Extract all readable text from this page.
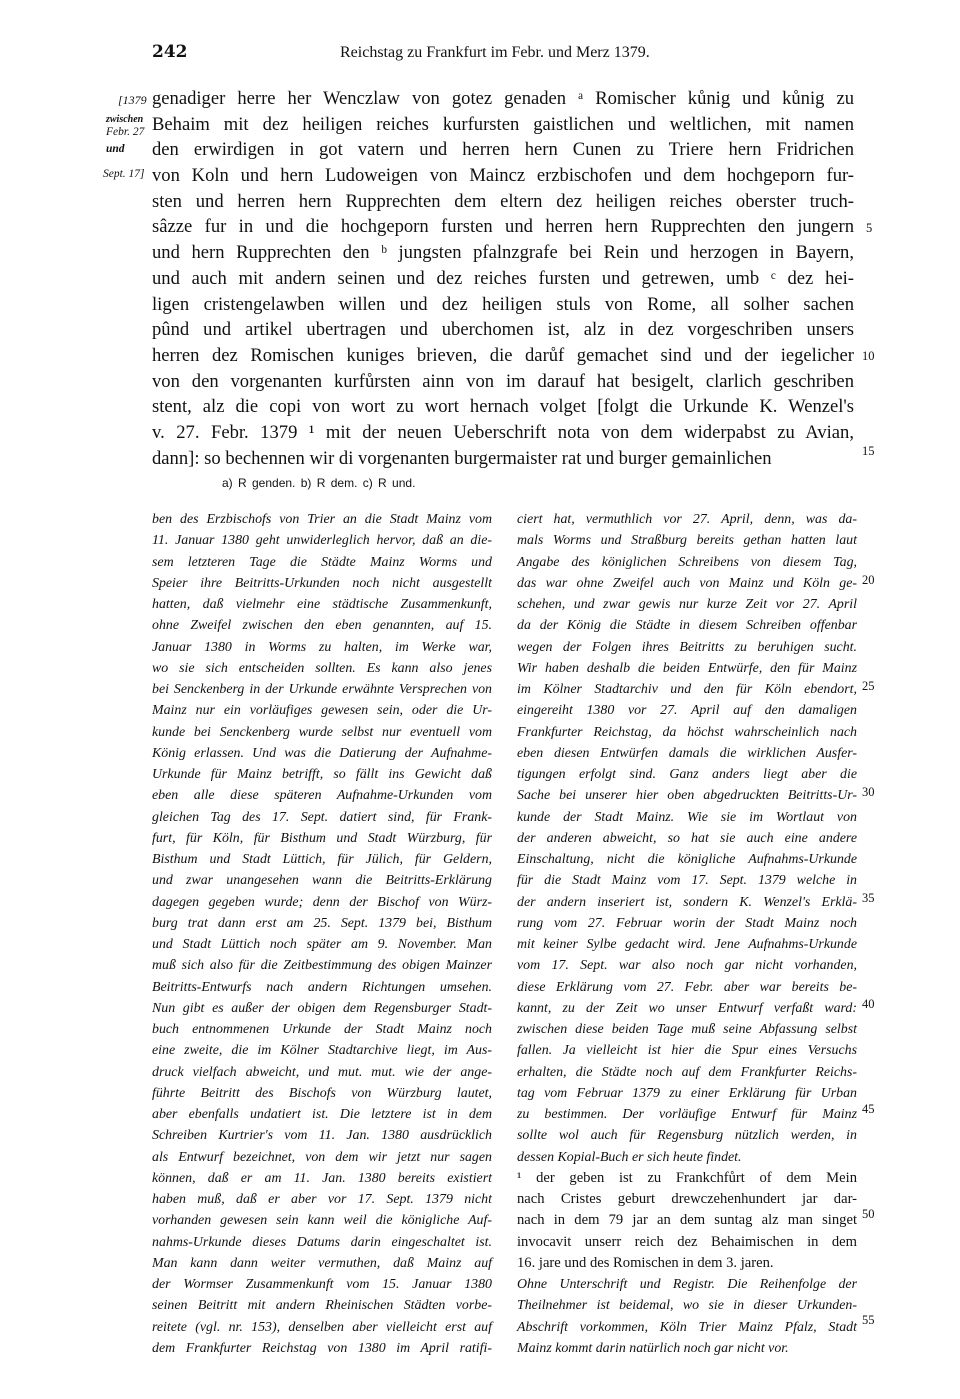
242	Reichstag zu Frankfurt im Febr. und Merz 1379.
[1379
zwischen
Febr. 27
und
Sept. 17]
genadiger herre her Wenczlaw von gotez genaden ᵃ Romischer kůnig und kůnig zu
Behaim mit dez heiligen reiches kurfursten gaistlichen und weltlichen, mit namen
den erwirdigen in got vatern und herren hern Cunen zu Triere hern Fridrichen
von Koln und hern Ludoweigen von Maincz erzbischofen und dem hochgeporn fur-
sten und herren hern Rupprechten dem eltern dez heiligen reiches oberster truch-
sâzze fur in und die hochgeporn fursten und herren hern Rupprechten den jungern
und hern Rupprechten den ᵇ jungsten pfalnzgrafe bei Rein und herzogen in Bayern,
und auch mit andern seinen und dez reiches fursten und getrewen, umb ᶜ dez hei-
ligen cristengelawben willen und dez heiligen stuls von Rome, all solher sachen
pûnd und artikel ubertragen und uberchomen ist, alz in dez vorgeschriben unsers
herren dez Romischen kuniges brieven, die darůf gemachet sind und der iegelicher
von den vorgenanten kurfůrsten ainn von im darauf hat besigelt, clarlich geschriben
stent, alz die copi von wort zu wort hernach volget [folgt die Urkunde K. Wenzel's
v. 27. Febr. 1379 ¹ mit der neuen Ueberschrift nota von dem widerpabst zu Avian,
dann]: so bechennen wir di vorgenanten burgermaister rat und burger gemainlichen
5
10
15
a) R genden. b) R dem. c) R und.
ben des Erzbischofs von Trier an die Stadt Mainz vom
11. Januar 1380 geht unwiderleglich hervor, daß an die-
sem letzteren Tage die Städte Mainz Worms und
Speier ihre Beitritts-Urkunden noch nicht ausgestellt
hatten, daß vielmehr eine städtische Zusammenkunft,
ohne Zweifel zwischen den eben genannten, auf 15.
Januar 1380 in Worms zu halten, im Werke war,
wo sie sich entscheiden sollten. Es kann also jenes
bei Senckenberg in der Urkunde erwähnte Versprechen von
Mainz nur ein vorläufiges gewesen sein, oder die Ur-
kunde bei Senckenberg wurde selbst nur eventuell vom
König erlassen. Und was die Datierung der Aufnahme-
Urkunde für Mainz betrifft, so fällt ins Gewicht daß
eben alle diese späteren Aufnahme-Urkunden vom
gleichen Tag des 17. Sept. datiert sind, für Frank-
furt, für Köln, für Bisthum und Stadt Würzburg, für
Bisthum und Stadt Lüttich, für Jülich, für Geldern,
und zwar unangesehen wann die Beitritts-Erklärung
dagegen gegeben wurde; denn der Bischof von Würz-
burg trat dann erst am 25. Sept. 1379 bei, Bisthum
und Stadt Lüttich noch später am 9. November. Man
muß sich also für die Zeitbestimmung des obigen Mainzer
Beitritts-Entwurfs nach andern Richtungen umsehen.
Nun gibt es außer der obigen dem Regensburger Stadt-
buch entnommenen Urkunde der Stadt Mainz noch
eine zweite, die im Kölner Stadtarchive liegt, im Aus-
druck vielfach abweicht, und mut. mut. wie der ange-
führte Beitritt des Bischofs von Würzburg lautet,
aber ebenfalls undatiert ist. Die letztere ist in dem
Schreiben Kurtrier's vom 11. Jan. 1380 ausdrücklich
als Entwurf bezeichnet, von dem wir jetzt nur sagen
können, daß er am 11. Jan. 1380 bereits existiert
haben muß, daß er aber vor 17. Sept. 1379 nicht
vorhanden gewesen sein kann weil die königliche Auf-
nahms-Urkunde dieses Datums darin eingeschaltet ist.
Man kann dann weiter vermuthen, daß Mainz auf
der Wormser Zusammenkunft vom 15. Januar 1380
seinen Beitritt mit andern Rheinischen Städten vorbe-
reitete (vgl. nr. 153), denselben aber vielleicht erst auf
dem Frankfurter Reichstag von 1380 im April ratifi-
ciert hat, vermuthlich vor 27. April, denn, was da-
mals Worms und Straßburg bereits gethan hatten laut
Angabe des königlichen Schreibens von diesem Tag,
das war ohne Zweifel auch von Mainz und Köln ge-
schehen, und zwar gewis nur kurze Zeit vor 27. April
da der König die Städte in diesem Schreiben offenbar
wegen der Folgen ihres Beitritts zu beruhigen sucht.
Wir haben deshalb die beiden Entwürfe, den für Mainz
im Kölner Stadtarchiv und den für Köln ebendort,
eingereiht 1380 vor 27. April auf den damaligen
Frankfurter Reichstag, da höchst wahrscheinlich nach
eben diesen Entwürfen damals die wirklichen Ausfer-
tigungen erfolgt sind. Ganz anders liegt aber die
Sache bei unserer hier oben abgedruckten Beitritts-Ur-
kunde der Stadt Mainz. Wie sie im Wortlaut von
der anderen abweicht, so hat sie auch eine andere
Einschaltung, nicht die königliche Aufnahms-Urkunde
für die Stadt Mainz vom 17. Sept. 1379 welche in
der andern inseriert ist, sondern K. Wenzel's Erklä-
rung vom 27. Februar worin der Stadt Mainz noch
mit keiner Sylbe gedacht wird. Jene Aufnahms-Urkunde
vom 17. Sept. war also noch gar nicht vorhanden,
diese Erklärung vom 27. Febr. aber war bereits be-
kannt, zu der Zeit wo unser Entwurf verfaßt ward:
zwischen diese beiden Tage muß seine Abfassung selbst
fallen. Ja vielleicht ist hier die Spur eines Versuchs
erhalten, die Städte noch auf dem Frankfurter Reichs-
tag vom Februar 1379 zu einer Erklärung für Urban
zu bestimmen. Der vorläufige Entwurf für Mainz
sollte wol auch für Regensburg nützlich werden, in
dessen Kopial-Buch er sich heute findet.
¹ der geben ist zu Frankchfůrt of dem Mein
nach Cristes geburt drewczehenhundert jar dar-
nach in dem 79 jar an dem suntag alz man singet
invocavit unserr reich dez Behaimischen in dem
16. jare und des Romischen in dem 3. jaren.
Ohne Unterschrift und Registr. Die Reihenfolge der
Theilnehmer ist beidemal, wo sie in dieser Urkunden-
Abschrift vorkommen, Köln Trier Mainz Pfalz, Stadt
Mainz kommt darin natürlich noch gar nicht vor.
20
25
30
35
40
45
50
55
